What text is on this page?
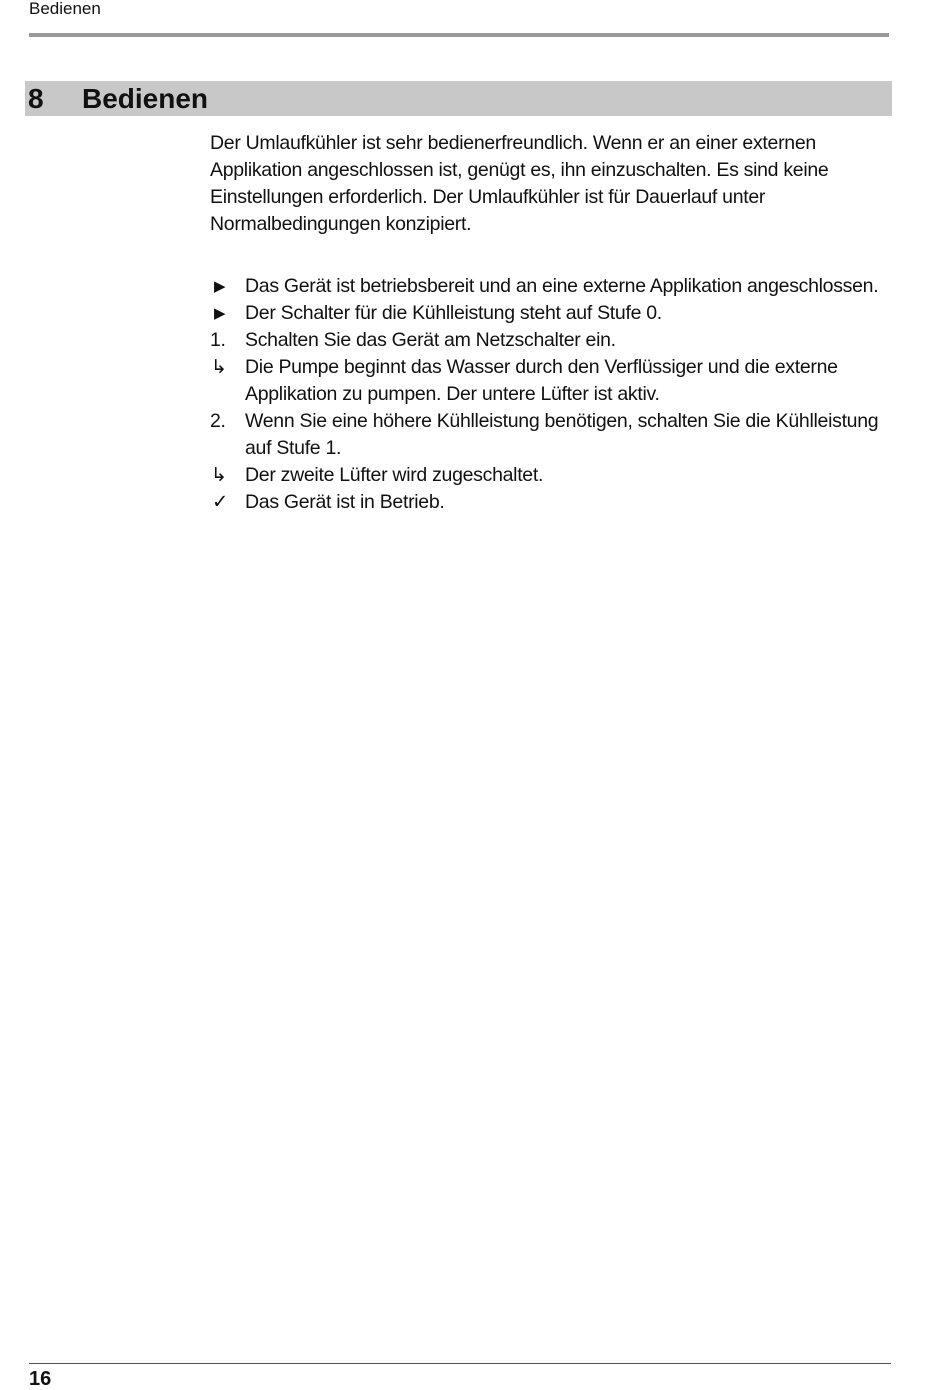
Bedienen
8 Bedienen

Der Umlaufkühler ist sehr bedienerfreundlich. Wenn er an einer externen Applikation angeschlossen ist, genügt es, ihn einzuschalten. Es sind keine Einstellungen erforderlich. Der Umlaufkühler ist für Dauerlauf unter Normalbedingungen konzipiert.

▶	Das Gerät ist betriebsbereit und an eine externe Applikation angeschlossen.
▶	Der Schalter für die Kühlleistung steht auf Stufe 0.
1. Schalten Sie das Gerät am Netzschalter ein.
↳ Die Pumpe beginnt das Wasser durch den Verflüssiger und die externe Applikation zu pumpen. Der untere Lüfter ist aktiv.
2. Wenn Sie eine höhere Kühlleistung benötigen, schalten Sie die Kühlleistung auf Stufe 1.
↳ Der zweite Lüfter wird zugeschaltet.
✓ Das Gerät ist in Betrieb.
16
